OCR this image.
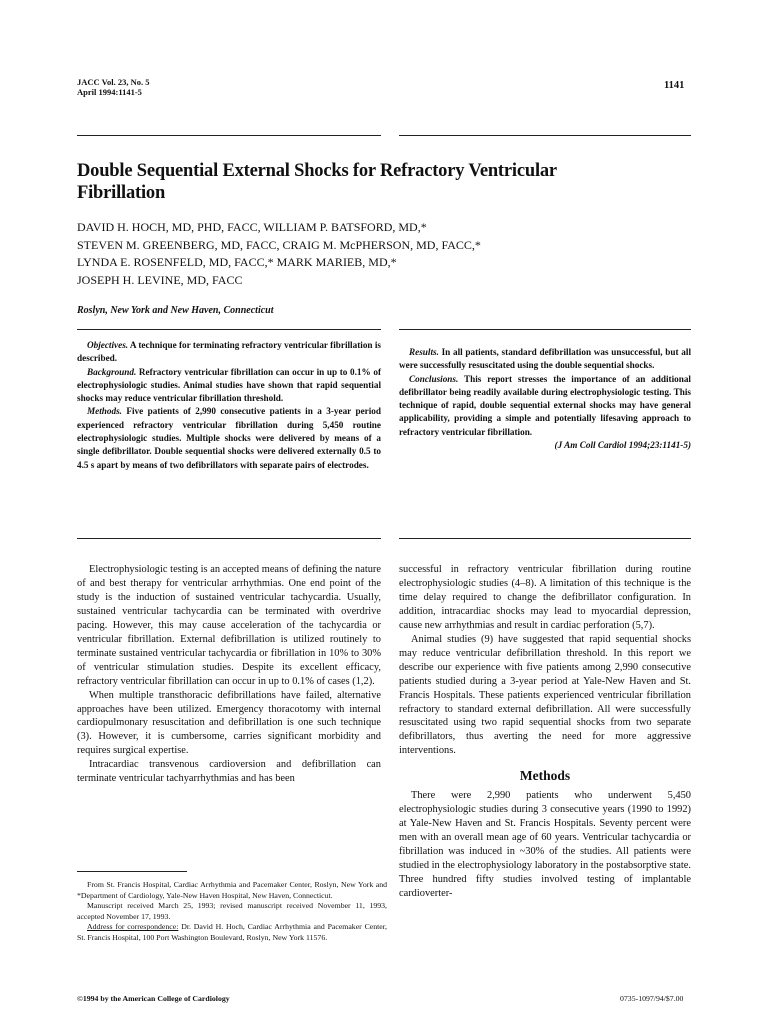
JACC Vol. 23, No. 5
April 1994:1141-5
1141
Double Sequential External Shocks for Refractory Ventricular Fibrillation
DAVID H. HOCH, MD, PHD, FACC, WILLIAM P. BATSFORD, MD,*
STEVEN M. GREENBERG, MD, FACC, CRAIG M. McPHERSON, MD, FACC,*
LYNDA E. ROSENFELD, MD, FACC,* MARK MARIEB, MD,*
JOSEPH H. LEVINE, MD, FACC
Roslyn, New York and New Haven, Connecticut

Objectives. A technique for terminating refractory ventricular fibrillation is described.

Background. Refractory ventricular fibrillation can occur in up to 0.1% of electrophysiologic studies. Animal studies have shown that rapid sequential shocks may reduce ventricular fibrillation threshold.

Methods. Five patients of 2,990 consecutive patients in a 3-year period experienced refractory ventricular fibrillation during 5,450 routine electrophysiologic studies. Multiple shocks were delivered by means of a single defibrillator. Double sequential shocks were delivered externally 0.5 to 4.5 s apart by means of two defibrillators with separate pairs of electrodes.

Results. In all patients, standard defibrillation was unsuccessful, but all were successfully resuscitated using the double sequential shocks.

Conclusions. This report stresses the importance of an additional defibrillator being readily available during electrophysiologic testing. This technique of rapid, double sequential external shocks may have general applicability, providing a simple and potentially lifesaving approach to refractory ventricular fibrillation.

(J Am Coll Cardiol 1994;23:1141-5)

Electrophysiologic testing is an accepted means of defining the nature of and best therapy for ventricular arrhythmias. One end point of the study is the induction of sustained ventricular tachycardia. Usually, sustained ventricular tachycardia can be terminated with overdrive pacing. However, this may cause acceleration of the tachycardia or ventricular fibrillation. External defibrillation is utilized routinely to terminate sustained ventricular tachycardia or fibrillation in 10% to 30% of ventricular stimulation studies. Despite its excellent efficacy, refractory ventricular fibrillation can occur in up to 0.1% of cases (1,2).

When multiple transthoracic defibrillations have failed, alternative approaches have been utilized. Emergency thoracotomy with internal cardiopulmonary resuscitation and defibrillation is one such technique (3). However, it is cumbersome, carries significant morbidity and requires surgical expertise.

Intracardiac transvenous cardioversion and defibrillation can terminate ventricular tachyarrhythmias and has been

successful in refractory ventricular fibrillation during routine electrophysiologic studies (4–8). A limitation of this technique is the time delay required to change the defibrillator configuration. In addition, intracardiac shocks may lead to myocardial depression, cause new arrhythmias and result in cardiac perforation (5,7).

Animal studies (9) have suggested that rapid sequential shocks may reduce ventricular defibrillation threshold. In this report we describe our experience with five patients among 2,990 consecutive patients studied during a 3-year period at Yale-New Haven and St. Francis Hospitals. These patients experienced ventricular fibrillation refractory to standard external defibrillation. All were successfully resuscitated using two rapid sequential shocks from two separate defibrillators, thus averting the need for more aggressive interventions.

Methods

There were 2,990 patients who underwent 5,450 electrophysiologic studies during 3 consecutive years (1990 to 1992) at Yale-New Haven and St. Francis Hospitals. Seventy percent were men with an overall mean age of 60 years. Ventricular tachycardia or fibrillation was induced in ~30% of the studies. All patients were studied in the electrophysiology laboratory in the postabsorptive state. Three hundred fifty studies involved testing of implantable cardioverter-

From St. Francis Hospital, Cardiac Arrhythmia and Pacemaker Center, Roslyn, New York and *Department of Cardiology, Yale-New Haven Hospital, New Haven, Connecticut.

Manuscript received March 25, 1993; revised manuscript received November 11, 1993, accepted November 17, 1993.

Address for correspondence: Dr. David H. Hoch, Cardiac Arrhythmia and Pacemaker Center, St. Francis Hospital, 100 Port Washington Boulevard, Roslyn, New York 11576.

©1994 by the American College of Cardiology	0735-1097/94/$7.00
